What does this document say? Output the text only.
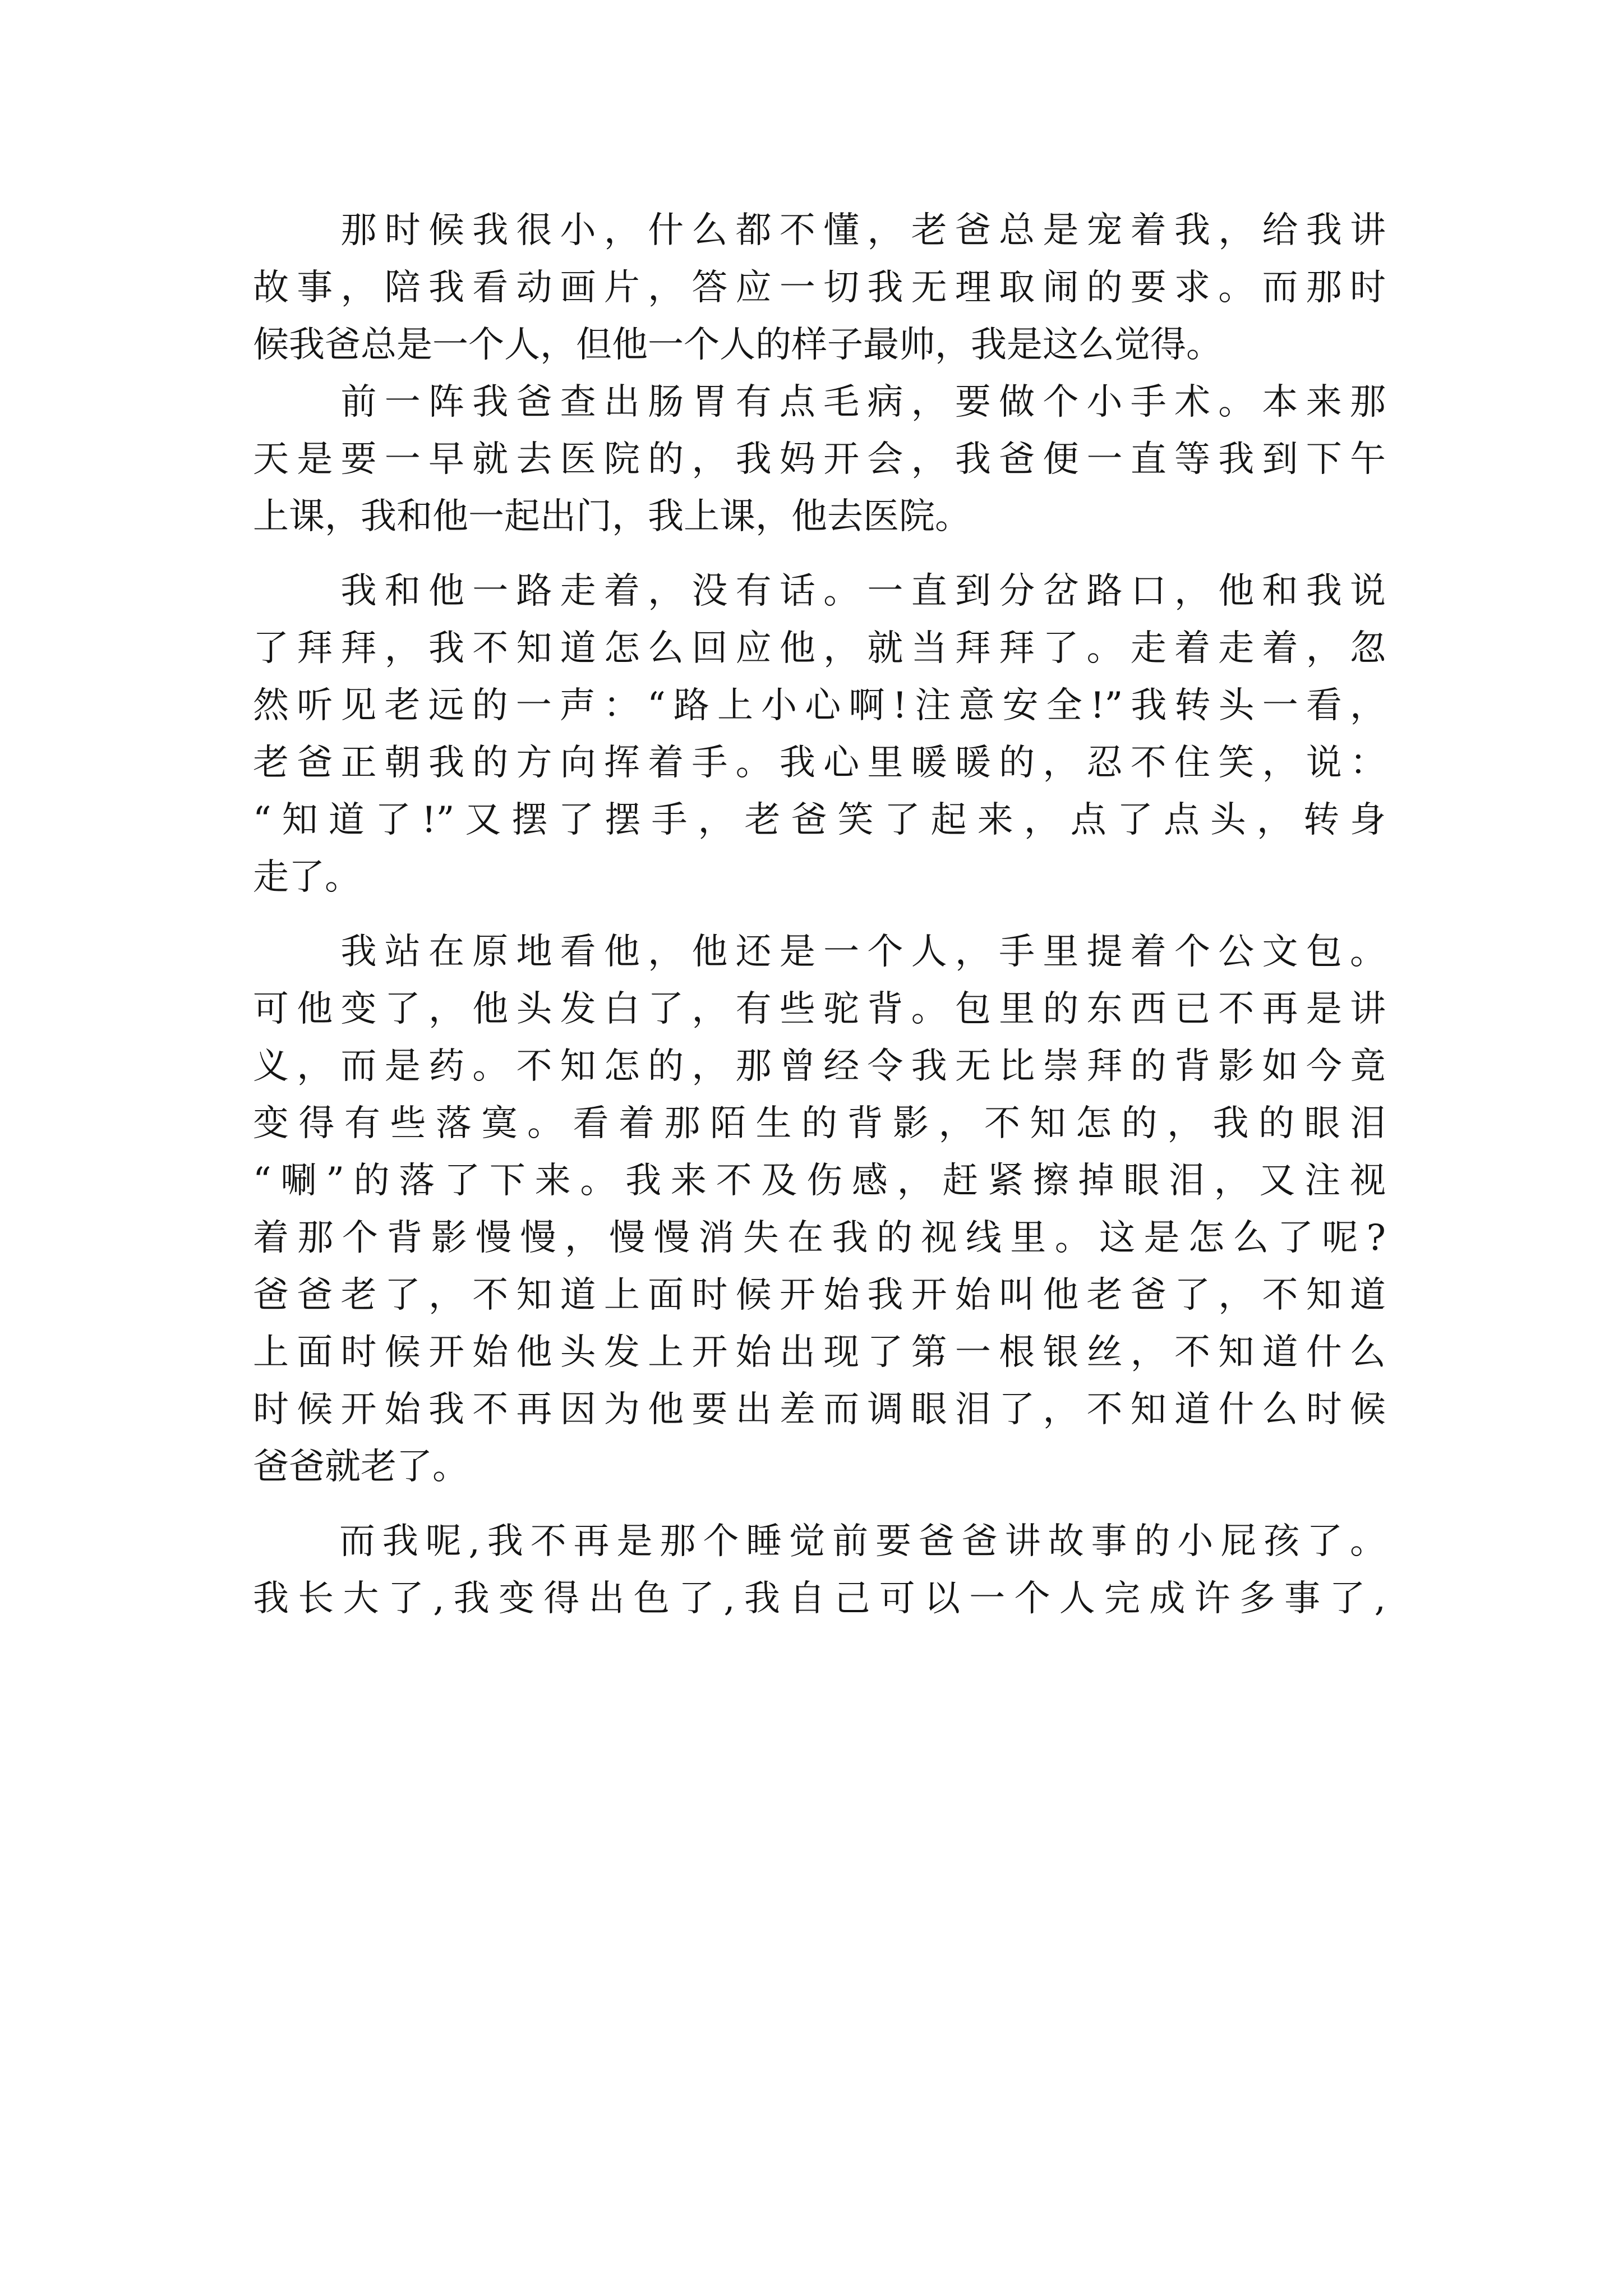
　　那时候我很小，什么都不懂，老爸总是宠着我，给我讲
故事，陪我看动画片，答应一切我无理取闹的要求。而那时
候我爸总是一个人，但他一个人的样子最帅，我是这么觉得。
　　前一阵我爸查出肠胃有点毛病，要做个小手术。本来那
天是要一早就去医院的，我妈开会，我爸便一直等我到下午
上课，我和他一起出门，我上课，他去医院。
　　我和他一路走着，没有话。一直到分岔路口，他和我说
了拜拜，我不知道怎么回应他，就当拜拜了。走着走着，忽
然听见老远的一声：“路上小心啊!注意安全!”我转头一看，
老爸正朝我的方向挥着手。我心里暖暖的，忍不住笑，说：
“知道了!”又摆了摆手，老爸笑了起来，点了点头，转身
走了。
　　我站在原地看他，他还是一个人，手里提着个公文包。
可他变了，他头发白了，有些驼背。包里的东西已不再是讲
义，而是药。不知怎的，那曾经令我无比崇拜的背影如今竟
变得有些落寞。看着那陌生的背影，不知怎的，我的眼泪
“唰”的落了下来。我来不及伤感，赶紧擦掉眼泪，又注视
着那个背影慢慢，慢慢消失在我的视线里。这是怎么了呢?
爸爸老了，不知道上面时候开始我开始叫他老爸了，不知道
上面时候开始他头发上开始出现了第一根银丝，不知道什么
时候开始我不再因为他要出差而调眼泪了，不知道什么时候
爸爸就老了。
　　而我呢,我不再是那个睡觉前要爸爸讲故事的小屁孩了。
我长大了,我变得出色了,我自己可以一个人完成许多事了,
